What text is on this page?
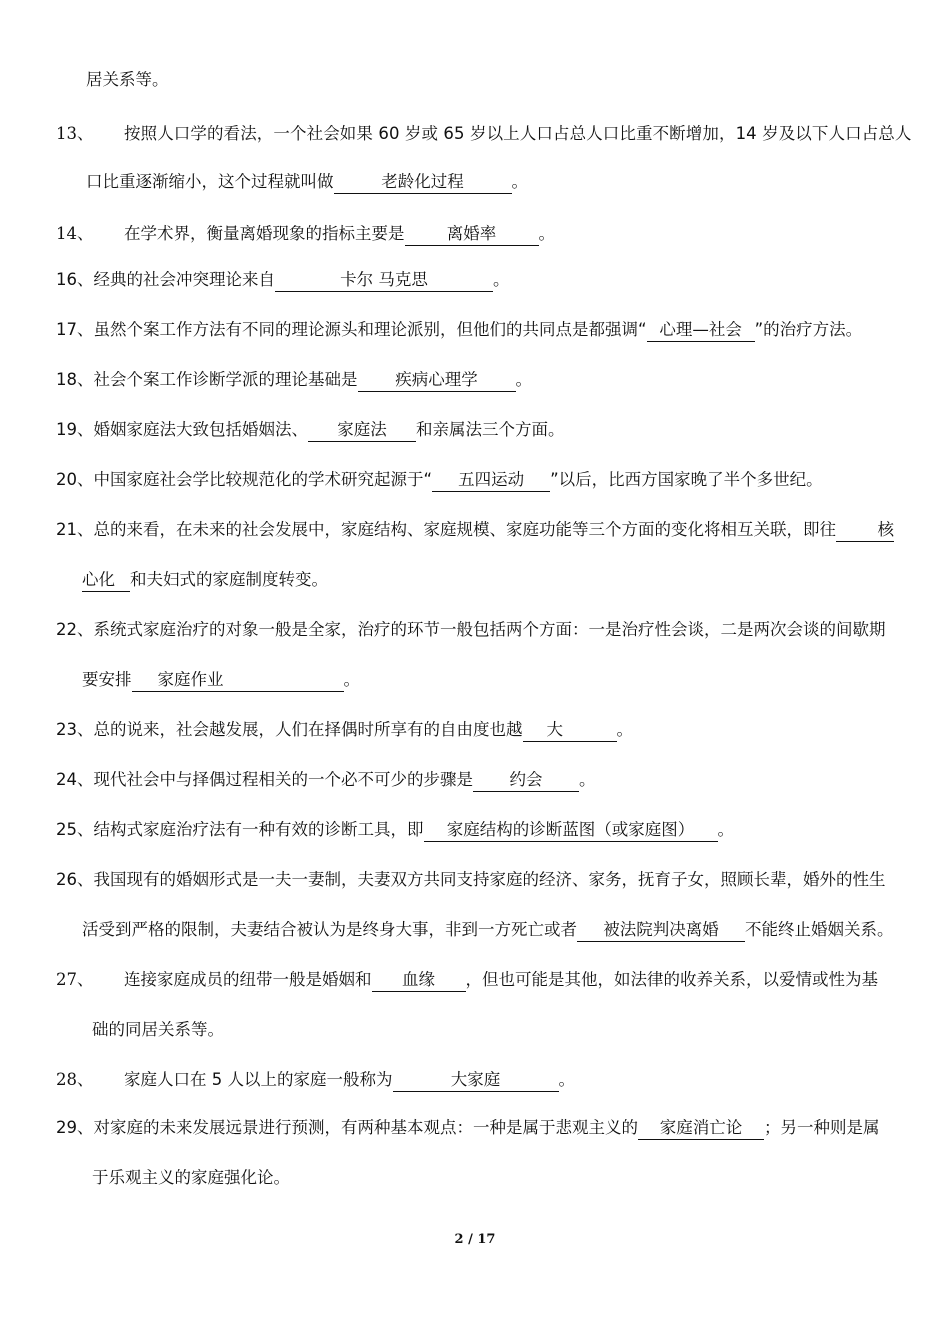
居关系等。
13、 按照人口学的看法，一个社会如果 60 岁或 65 岁以上人口占总人口比重不断增加，14 岁及以下人口占总人
口比重逐渐缩小，这个过程就叫做	老龄化过程	。
14、 在学术界，衡量离婚现象的指标主要是	离婚率	。
16、经典的社会冲突理论来自	卡尔 马克思	。
17、虽然个案工作方法有不同的理论源头和理论派别，但他们的共同点是都强调“ 心理—社会 ”的治疗方法。
18、社会个案工作诊断学派的理论基础是 疾病心理学 。
19、婚姻家庭法大致包括婚姻法、 家庭法 和亲属法三个方面。
20、中国家庭社会学比较规范化的学术研究起源于“ 五四运动 ”以后，比西方国家晚了半个多世纪。
21、总的来看，在未来的社会发展中，家庭结构、家庭规模、家庭功能等三个方面的变化将相互关联，即往	核
心化 和夫妇式的家庭制度转变。
22、系统式家庭治疗的对象一般是全家，治疗的环节一般包括两个方面：一是治疗性会谈，二是两次会谈的间歇期
要安排 家庭作业	。
23、总的说来，社会越发展，人们在择偶时所享有的自由度也越 大	。
24、现代社会中与择偶过程相关的一个必不可少的步骤是 约会 。
25、结构式家庭治疗法有一种有效的诊断工具，即 家庭结构的诊断蓝图（或家庭图） 。
26、我国现有的婚姻形式是一夫一妻制，夫妻双方共同支持家庭的经济、家务，抚育子女，照顾长辈，婚外的性生
活受到严格的限制，夫妻结合被认为是终身大事，非到一方死亡或者 被法院判决离婚 不能终止婚姻关系。
27、 连接家庭成员的纽带一般是婚姻和 血缘 ，但也可能是其他，如法律的收养关系，以爱情或性为基
础的同居关系等。
28、 家庭人口在 5 人以上的家庭一般称为	大家庭	。
29、对家庭的未来发展远景进行预测，有两种基本观点：一种是属于悲观主义的 家庭消亡论 ；另一种则是属
于乐观主义的家庭强化论。
2 / 17
